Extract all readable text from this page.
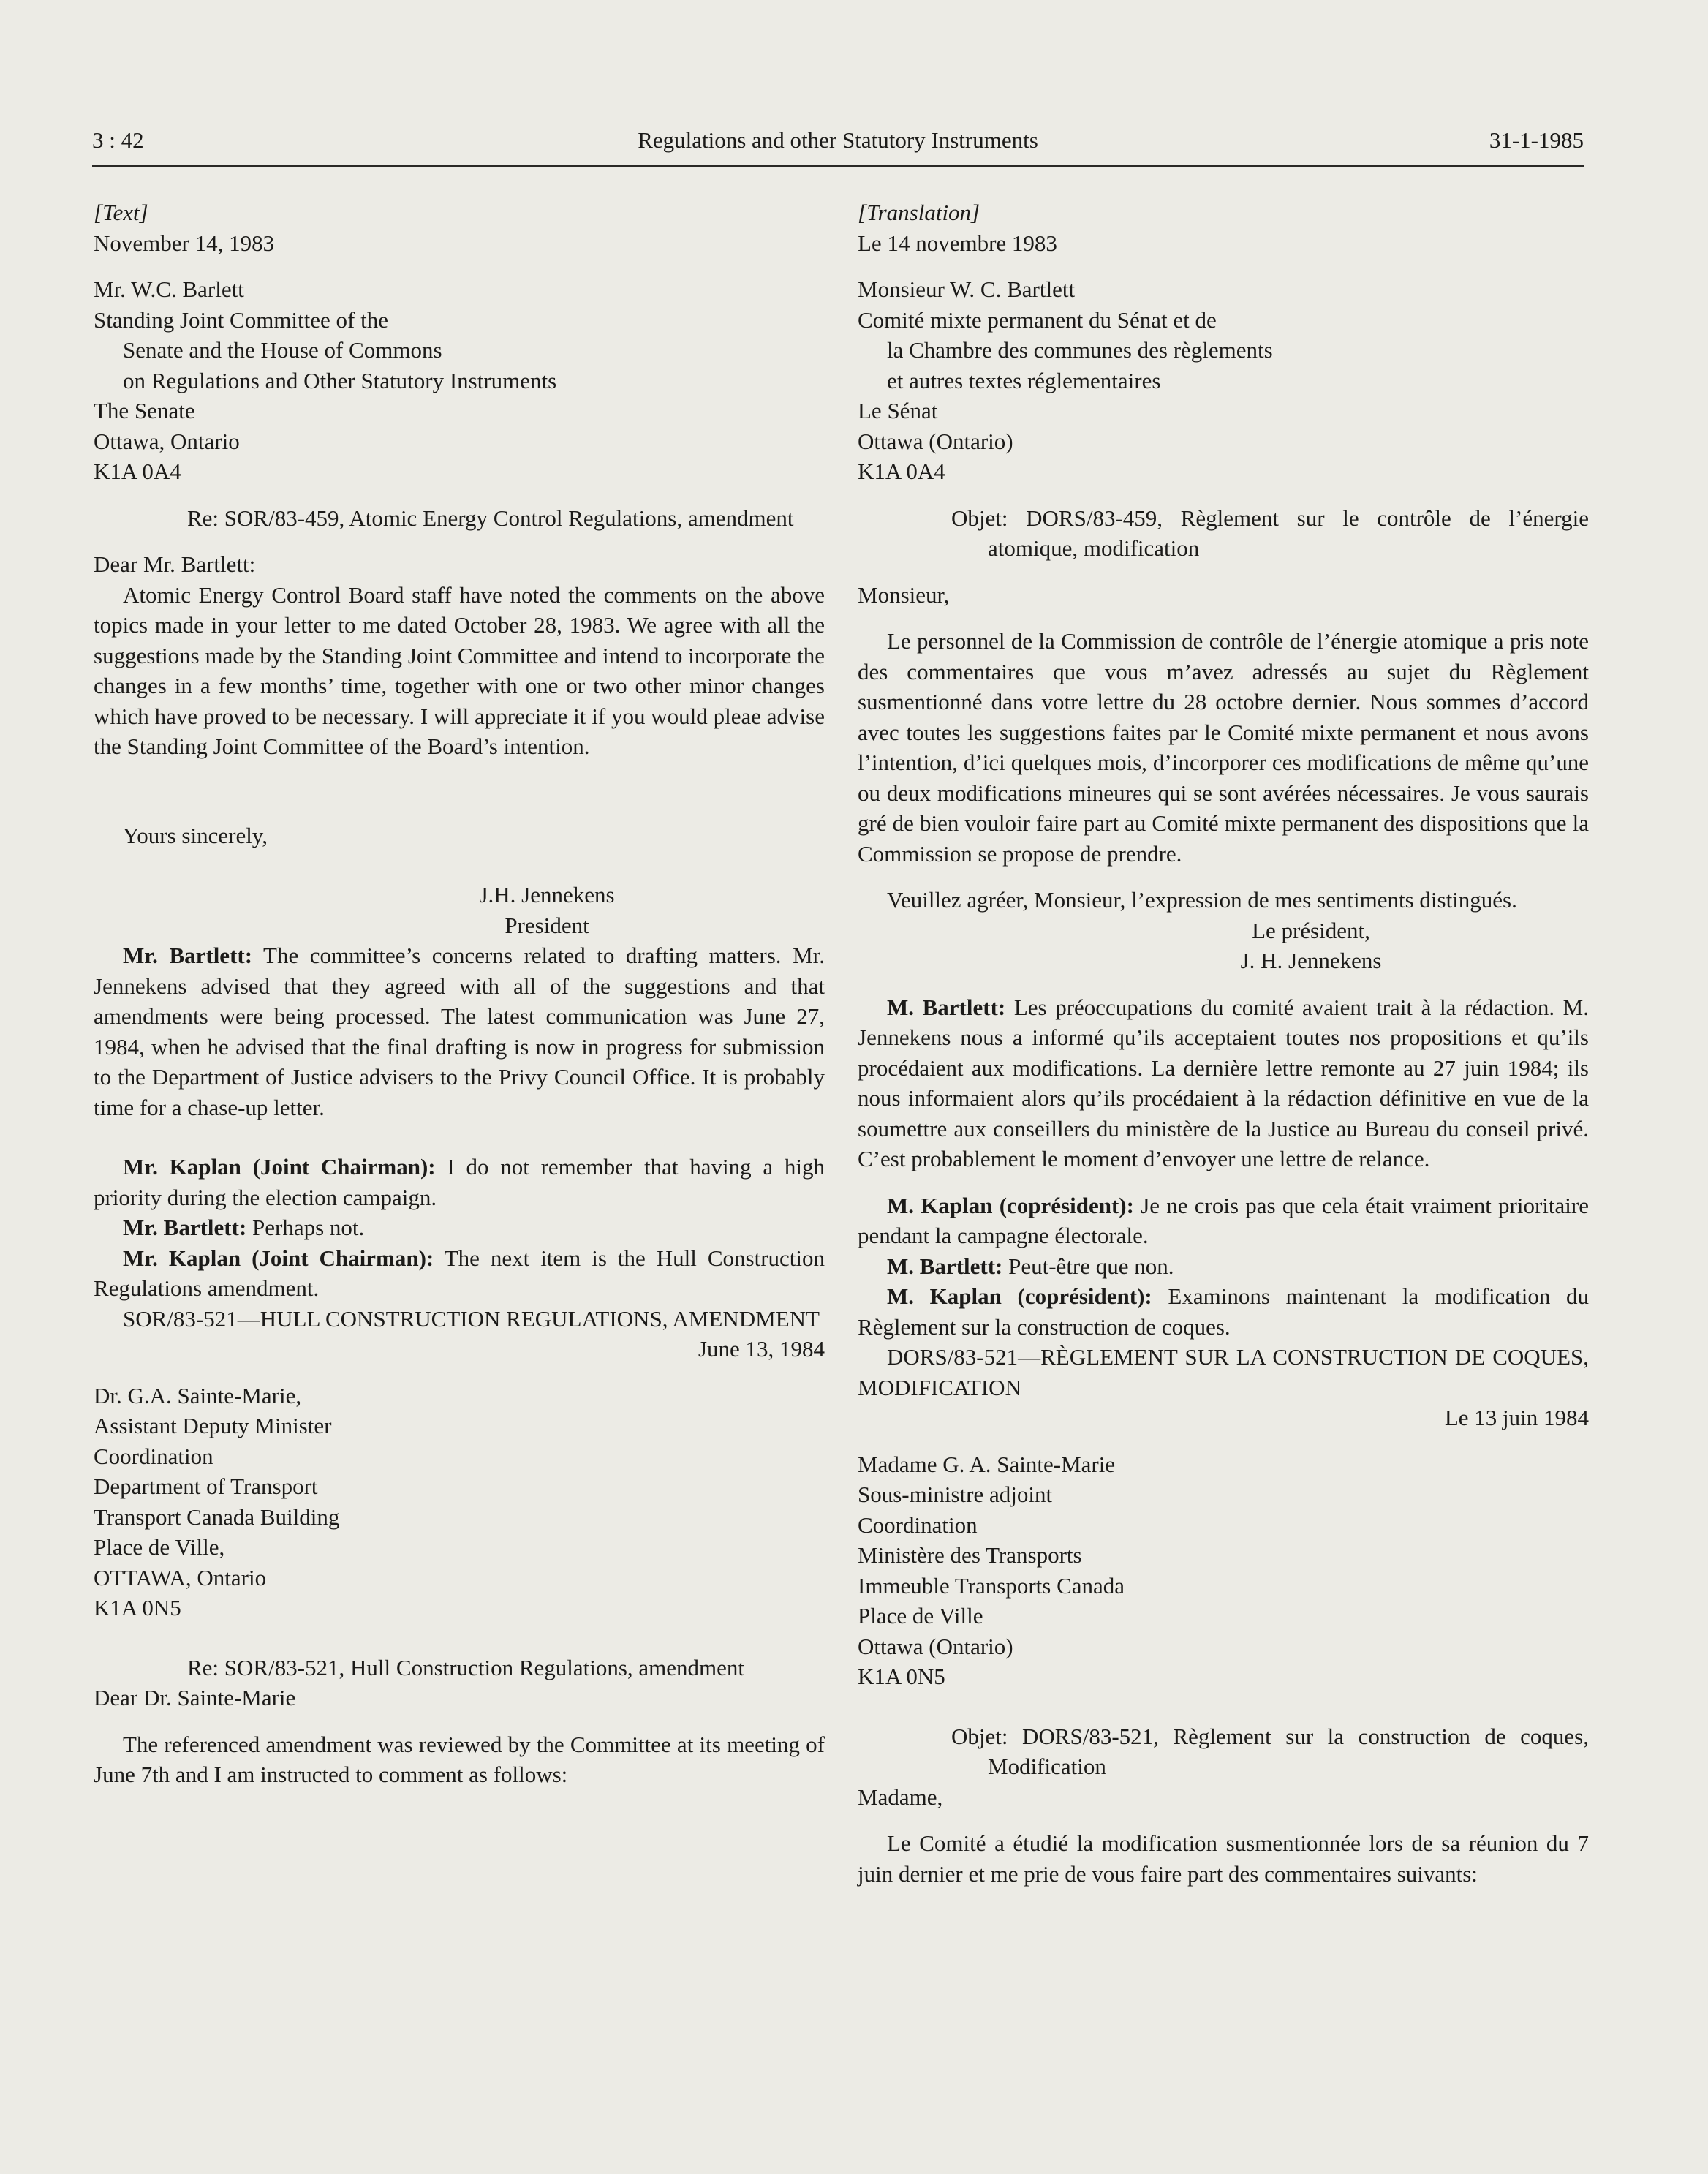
3 : 42	Regulations and other Statutory Instruments	31-1-1985

[Text]

November 14, 1983

Mr. W.C. Barlett

Standing Joint Committee of the

Senate and the House of Commons

on Regulations and Other Statutory Instruments

The Senate

Ottawa, Ontario

K1A 0A4

Re: SOR/83-459, Atomic Energy Control Regulations, amendment

Dear Mr. Bartlett:

Atomic Energy Control Board staff have noted the comments on the above topics made in your letter to me dated October 28, 1983. We agree with all the suggestions made by the Standing Joint Committee and intend to incorporate the changes in a few months’ time, together with one or two other minor changes which have proved to be necessary. I will appreciate it if you would pleae advise the Standing Joint Committee of the Board’s intention.

Yours sincerely,

J.H. Jennekens

President

Mr. Bartlett: The committee’s concerns related to drafting matters. Mr. Jennekens advised that they agreed with all of the suggestions and that amendments were being processed. The latest communication was June 27, 1984, when he advised that the final drafting is now in progress for submission to the Department of Justice advisers to the Privy Council Office. It is probably time for a chase-up letter.

Mr. Kaplan (Joint Chairman): I do not remember that having a high priority during the election campaign.

Mr. Bartlett: Perhaps not.

Mr. Kaplan (Joint Chairman): The next item is the Hull Construction Regulations amendment.

SOR/83-521—HULL CONSTRUCTION REGULATIONS, AMENDMENT

June 13, 1984

Dr. G.A. Sainte-Marie,

Assistant Deputy Minister

Coordination

Department of Transport

Transport Canada Building

Place de Ville,

OTTAWA, Ontario

K1A 0N5

Re: SOR/83-521, Hull Construction Regulations, amendment

Dear Dr. Sainte-Marie

The referenced amendment was reviewed by the Committee at its meeting of June 7th and I am instructed to comment as follows:

[Translation]

Le 14 novembre 1983

Monsieur W. C. Bartlett

Comité mixte permanent du Sénat et de

la Chambre des communes des règlements

et autres textes réglementaires

Le Sénat

Ottawa (Ontario)

K1A 0A4

Objet: DORS/83-459, Règlement sur le contrôle de l’énergie atomique, modification

Monsieur,

Le personnel de la Commission de contrôle de l’énergie atomique a pris note des commentaires que vous m’avez adressés au sujet du Règlement susmentionné dans votre lettre du 28 octobre dernier. Nous sommes d’accord avec toutes les suggestions faites par le Comité mixte permanent et nous avons l’intention, d’ici quelques mois, d’incorporer ces modifications de même qu’une ou deux modifications mineures qui se sont avérées nécessaires. Je vous saurais gré de bien vouloir faire part au Comité mixte permanent des dispositions que la Commission se propose de prendre.

Veuillez agréer, Monsieur, l’expression de mes sentiments distingués.

Le président,

J. H. Jennekens

M. Bartlett: Les préoccupations du comité avaient trait à la rédaction. M. Jennekens nous a informé qu’ils acceptaient toutes nos propositions et qu’ils procédaient aux modifications. La dernière lettre remonte au 27 juin 1984; ils nous informaient alors qu’ils procédaient à la rédaction définitive en vue de la soumettre aux conseillers du ministère de la Justice au Bureau du conseil privé. C’est probablement le moment d’envoyer une lettre de relance.

M. Kaplan (coprésident): Je ne crois pas que cela était vraiment prioritaire pendant la campagne électorale.

M. Bartlett: Peut-être que non.

M. Kaplan (coprésident): Examinons maintenant la modification du Règlement sur la construction de coques.

DORS/83-521—RÈGLEMENT SUR LA CONSTRUCTION DE COQUES, MODIFICATION

Le 13 juin 1984

Madame G. A. Sainte-Marie

Sous-ministre adjoint

Coordination

Ministère des Transports

Immeuble Transports Canada

Place de Ville

Ottawa (Ontario)

K1A 0N5

Objet: DORS/83-521, Règlement sur la construction de coques, Modification

Madame,

Le Comité a étudié la modification susmentionnée lors de sa réunion du 7 juin dernier et me prie de vous faire part des commentaires suivants:
